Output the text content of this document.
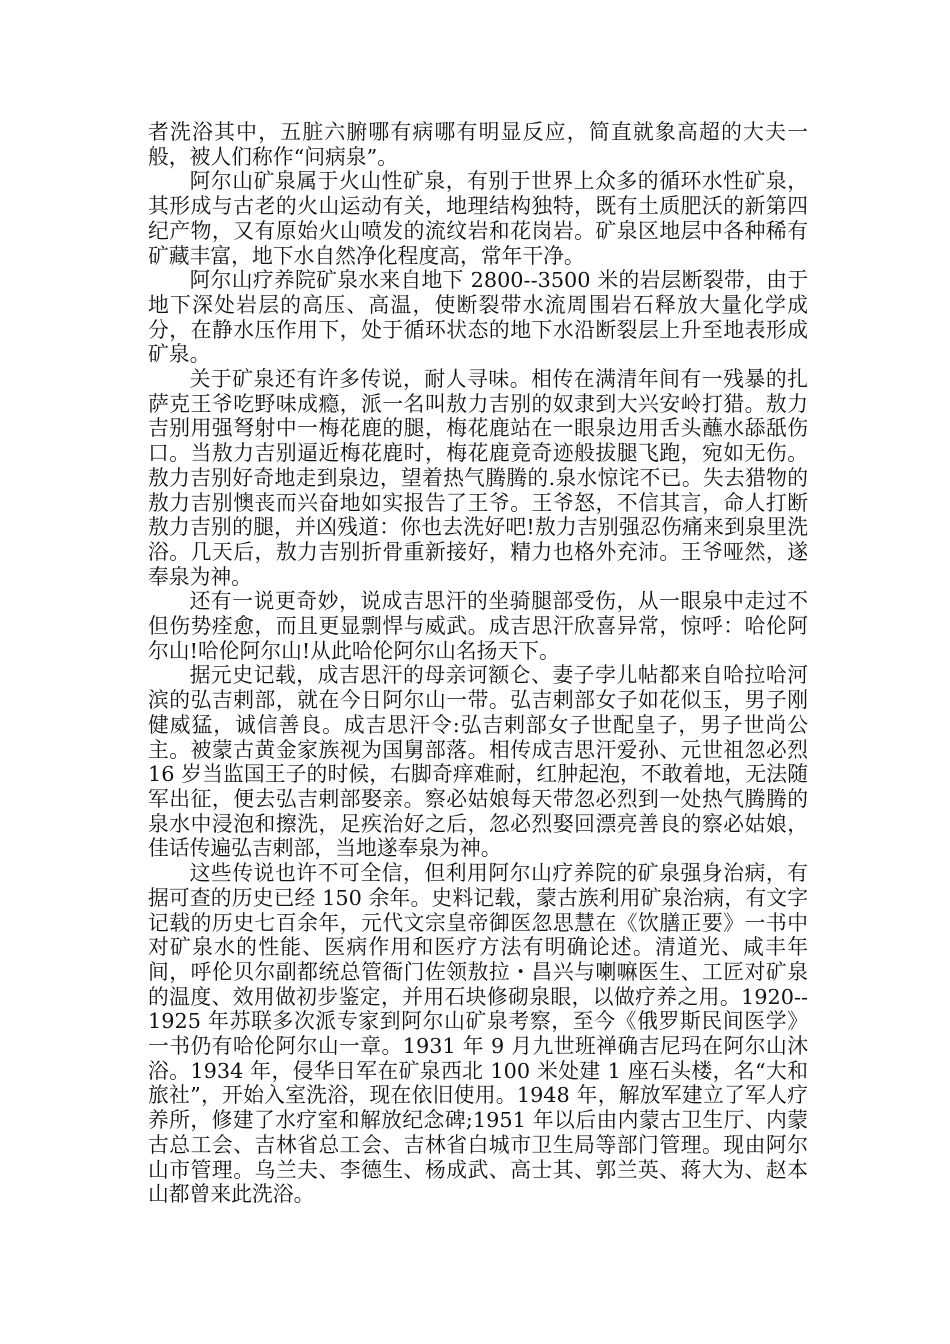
者洗浴其中，五脏六腑哪有病哪有明显反应，简直就象高超的大夫一般，被人们称作“问病泉”。

阿尔山矿泉属于火山性矿泉，有别于世界上众多的循环水性矿泉，其形成与古老的火山运动有关，地理结构独特，既有土质肥沃的新第四纪产物，又有原始火山喷发的流纹岩和花岗岩。矿泉区地层中各种稀有矿藏丰富，地下水自然净化程度高，常年干净。

阿尔山疗养院矿泉水来自地下 2800--3500 米的岩层断裂带，由于地下深处岩层的高压、高温，使断裂带水流周围岩石释放大量化学成分，在静水压作用下，处于循环状态的地下水沿断裂层上升至地表形成矿泉。

关于矿泉还有许多传说，耐人寻味。相传在满清年间有一残暴的扎萨克王爷吃野味成瘾，派一名叫敖力吉别的奴隶到大兴安岭打猎。敖力吉别用强弩射中一梅花鹿的腿，梅花鹿站在一眼泉边用舌头蘸水舔舐伤口。当敖力吉别逼近梅花鹿时，梅花鹿竟奇迹般拔腿飞跑，宛如无伤。敖力吉别好奇地走到泉边，望着热气腾腾的.泉水惊诧不已。失去猎物的敖力吉别懊丧而兴奋地如实报告了王爷。王爷怒，不信其言，命人打断敖力吉别的腿，并凶残道：你也去洗好吧!敖力吉别强忍伤痛来到泉里洗浴。几天后，敖力吉别折骨重新接好，精力也格外充沛。王爷哑然，遂奉泉为神。

还有一说更奇妙，说成吉思汗的坐骑腿部受伤，从一眼泉中走过不但伤势痊愈，而且更显剽悍与威武。成吉思汗欣喜异常，惊呼：哈伦阿尔山!哈伦阿尔山!从此哈伦阿尔山名扬天下。

据元史记载，成吉思汗的母亲诃额仑、妻子孛儿帖都来自哈拉哈河滨的弘吉剌部，就在今日阿尔山一带。弘吉剌部女子如花似玉，男子刚健威猛，诚信善良。成吉思汗令:弘吉剌部女子世配皇子，男子世尚公主。被蒙古黄金家族视为国舅部落。相传成吉思汗爱孙、元世祖忽必烈 16 岁当监国王子的时候，右脚奇痒难耐，红肿起泡，不敢着地，无法随军出征，便去弘吉剌部娶亲。察必姑娘每天带忽必烈到一处热气腾腾的泉水中浸泡和擦洗，足疾治好之后，忽必烈娶回漂亮善良的察必姑娘，佳话传遍弘吉剌部，当地遂奉泉为神。

这些传说也许不可全信，但利用阿尔山疗养院的矿泉强身治病，有据可查的历史已经 150 余年。史料记载，蒙古族利用矿泉治病，有文字记载的历史七百余年，元代文宗皇帝御医忽思慧在《饮膳正要》一书中对矿泉水的性能、医病作用和医疗方法有明确论述。清道光、咸丰年间，呼伦贝尔副都统总管衙门佐领敖拉・昌兴与喇嘛医生、工匠对矿泉的温度、效用做初步鉴定，并用石块修砌泉眼，以做疗养之用。1920--1925 年苏联多次派专家到阿尔山矿泉考察，至今《俄罗斯民间医学》一书仍有哈伦阿尔山一章。1931 年 9 月九世班禅确吉尼玛在阿尔山沐浴。1934 年，侵华日军在矿泉西北 100 米处建 1 座石头楼，名“大和旅社”，开始入室洗浴，现在依旧使用。1948 年，解放军建立了军人疗养所，修建了水疗室和解放纪念碑;1951 年以后由内蒙古卫生厅、内蒙古总工会、吉林省总工会、吉林省白城市卫生局等部门管理。现由阿尔山市管理。乌兰夫、李德生、杨成武、高士其、郭兰英、蒋大为、赵本山都曾来此洗浴。
